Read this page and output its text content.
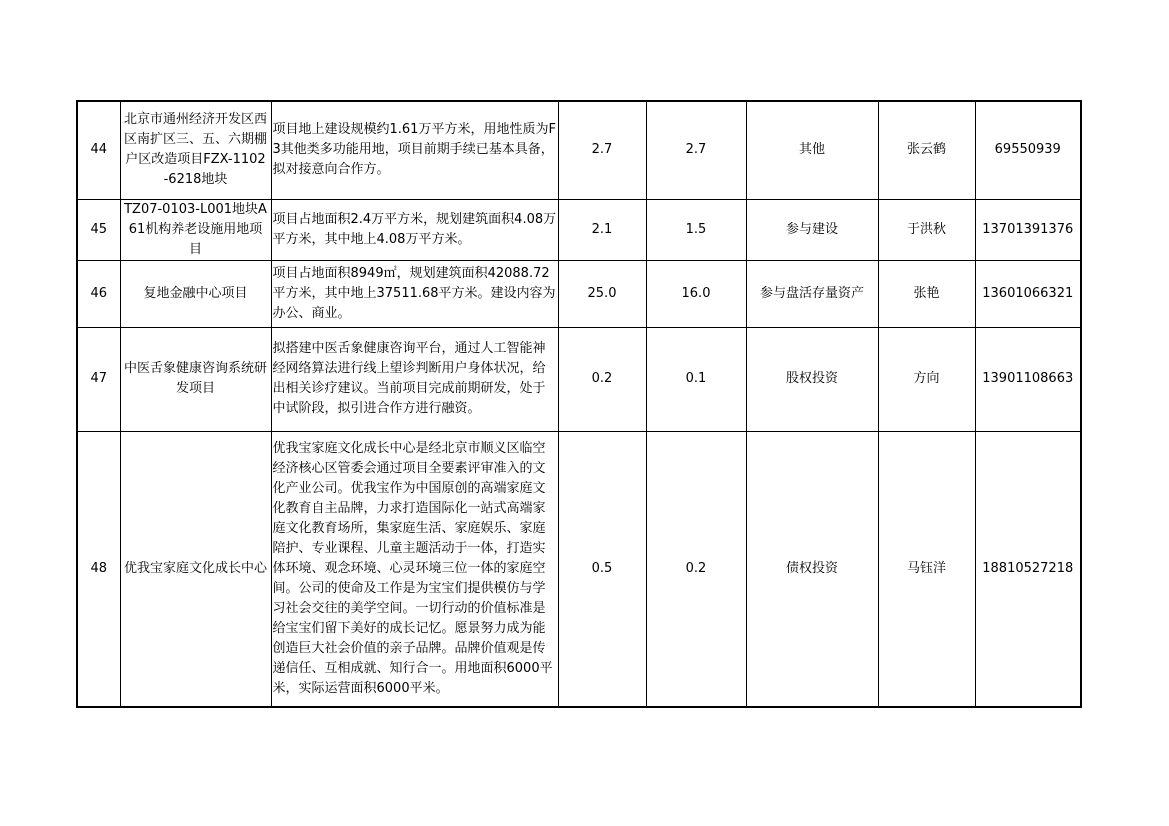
44	北京市通州经济开发区西区南扩区三、五、六期棚户区改造项目FZX-1102-6218地块	项目地上建设规模约1.61万平方米，用地性质为F3其他类多功能用地，项目前期手续已基本具备，拟对接意向合作方。	2.7	2.7	其他	张云鹤	69550939
45	TZ07-0103-L001地块A61机构养老设施用地项目	项目占地面积2.4万平方米，规划建筑面积4.08万平方米，其中地上4.08万平方米。	2.1	1.5	参与建设	于洪秋	13701391376
46	复地金融中心项目	项目占地面积8949㎡，规划建筑面积42088.72平方米，其中地上37511.68平方米。建设内容为办公、商业。	25.0	16.0	参与盘活存量资产	张艳	13601066321
47	中医舌象健康咨询系统研发项目	拟搭建中医舌象健康咨询平台，通过人工智能神经网络算法进行线上望诊判断用户身体状况，给出相关诊疗建议。当前项目完成前期研发，处于中试阶段，拟引进合作方进行融资。	0.2	0.1	股权投资	方向	13901108663
48	优我宝家庭文化成长中心	优我宝家庭文化成长中心是经北京市顺义区临空经济核心区管委会通过项目全要素评审准入的文化产业公司。优我宝作为中国原创的高端家庭文化教育自主品牌，力求打造国际化一站式高端家庭文化教育场所，集家庭生活、家庭娱乐、家庭陪护、专业课程、儿童主题活动于一体，打造实体环境、观念环境、心灵环境三位一体的家庭空间。公司的使命及工作是为宝宝们提供模仿与学习社会交往的美学空间。一切行动的价值标准是给宝宝们留下美好的成长记忆。愿景努力成为能创造巨大社会价值的亲子品牌。品牌价值观是传递信任、互相成就、知行合一。用地面积6000平米，实际运营面积6000平米。	0.5	0.2	债权投资	马钰洋	18810527218
